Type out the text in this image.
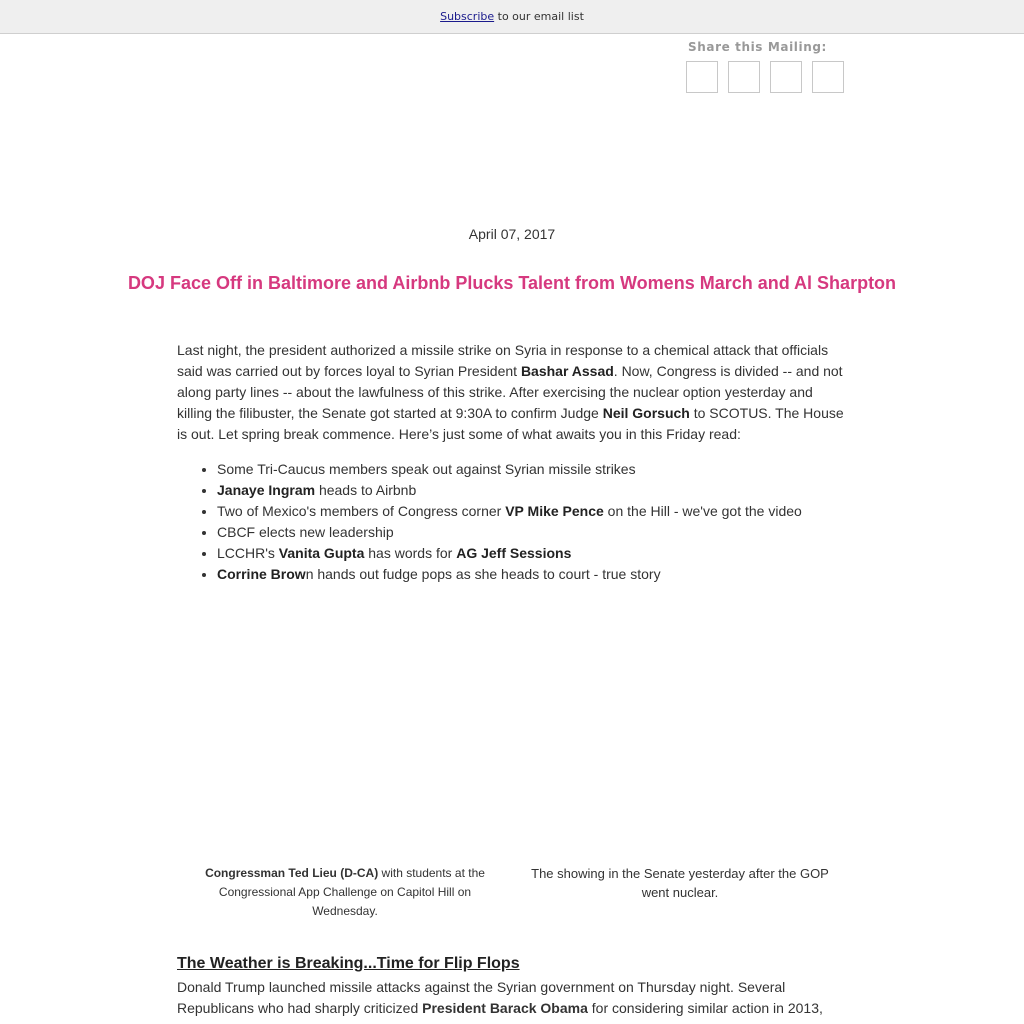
Subscribe to our email list
Share this Mailing:
April 07, 2017
DOJ Face Off in Baltimore and Airbnb Plucks Talent from Womens March and Al Sharpton

Last night, the president authorized a missile strike on Syria in response to a chemical attack that officials said was carried out by forces loyal to Syrian President Bashar Assad. Now, Congress is divided -- and not along party lines -- about the lawfulness of this strike. After exercising the nuclear option yesterday and killing the filibuster, the Senate got started at 9:30A to confirm Judge Neil Gorsuch to SCOTUS. The House is out. Let spring break commence. Here’s just some of what awaits you in this Friday read:

• Some Tri-Caucus members speak out against Syrian missile strikes
• Janaye Ingram heads to Airbnb
• Two of Mexico's members of Congress corner VP Mike Pence on the Hill - we've got the video
• CBCF elects new leadership
• LCCHR's Vanita Gupta has words for AG Jeff Sessions
• Corrine Brown hands out fudge pops as she heads to court - true story
Congressman Ted Lieu (D-CA) with students at the Congressional App Challenge on Capitol Hill on Wednesday.
The showing in the Senate yesterday after the GOP went nuclear.
The Weather is Breaking...Time for Flip Flops
Donald Trump launched missile attacks against the Syrian government on Thursday night. Several Republicans who had sharply criticized President Barack Obama for considering similar action in 2013,
